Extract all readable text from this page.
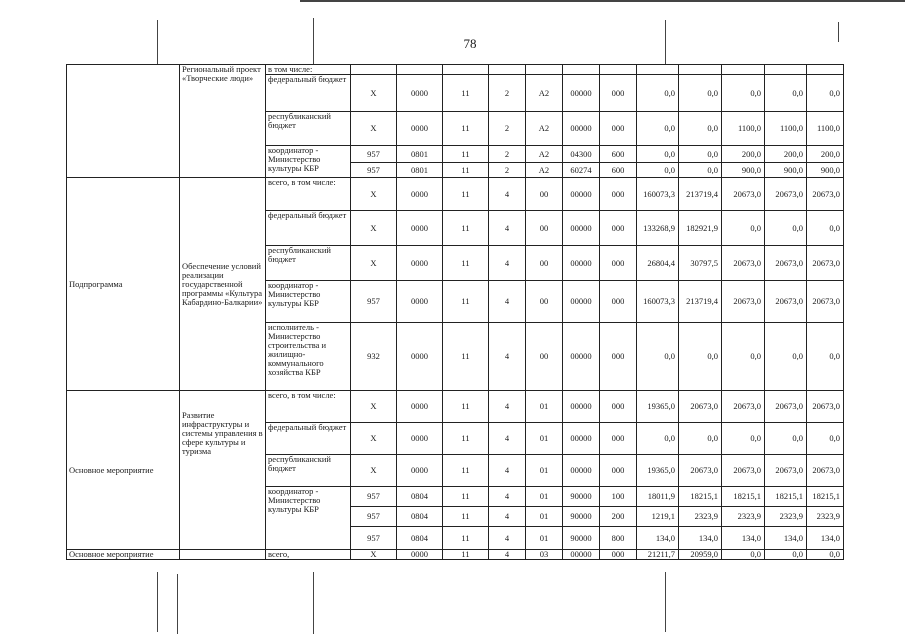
78
	Региональный проект «Творческие люди»	в том числе:												
		федеральный бюджет	X	0000	11	2	A2	00000	000	0,0	0,0	0,0	0,0	0,0
		республиканский бюджет	X	0000	11	2	A2	00000	000	0,0	0,0	1100,0	1100,0	1100,0
		координатор - Министерство культуры КБР	957	0801	11	2	A2	04300	600	0,0	0,0	200,0	200,0	200,0
			957	0801	11	2	A2	60274	600	0,0	0,0	900,0	900,0	900,0
Подпрограмма	Обеспечение условий реализации государственной программы «Культура Кабардино-Балкарии»	всего, в том числе:	X	0000	11	4	00	00000	000	160073,3	213719,4	20673,0	20673,0	20673,0
		федеральный бюджет	X	0000	11	4	00	00000	000	133268,9	182921,9	0,0	0,0	0,0
		республиканский бюджет	X	0000	11	4	00	00000	000	26804,4	30797,5	20673,0	20673,0	20673,0
		координатор - Министерство культуры КБР	957	0000	11	4	00	00000	000	160073,3	213719,4	20673,0	20673,0	20673,0
		исполнитель - Министерство строительства и жилищно-коммунального хозяйства КБР	932	0000	11	4	00	00000	000	0,0	0,0	0,0	0,0	0,0
Основное мероприятие	Развитие инфраструктуры и системы управления в сфере культуры и туризма	всего, в том числе:	X	0000	11	4	01	00000	000	19365,0	20673,0	20673,0	20673,0	20673,0
		федеральный бюджет	X	0000	11	4	01	00000	000	0,0	0,0	0,0	0,0	0,0
		республиканский бюджет	X	0000	11	4	01	00000	000	19365,0	20673,0	20673,0	20673,0	20673,0
		координатор - Министерство культуры КБР	957	0804	11	4	01	90000	100	18011,9	18215,1	18215,1	18215,1	18215,1
			957	0804	11	4	01	90000	200	1219,1	2323,9	2323,9	2323,9	2323,9
			957	0804	11	4	01	90000	800	134,0	134,0	134,0	134,0	134,0
Основное мероприятие		всего,	X	0000	11	4	03	00000	000	21211,7	20959,0	0,0	0,0	0,0
